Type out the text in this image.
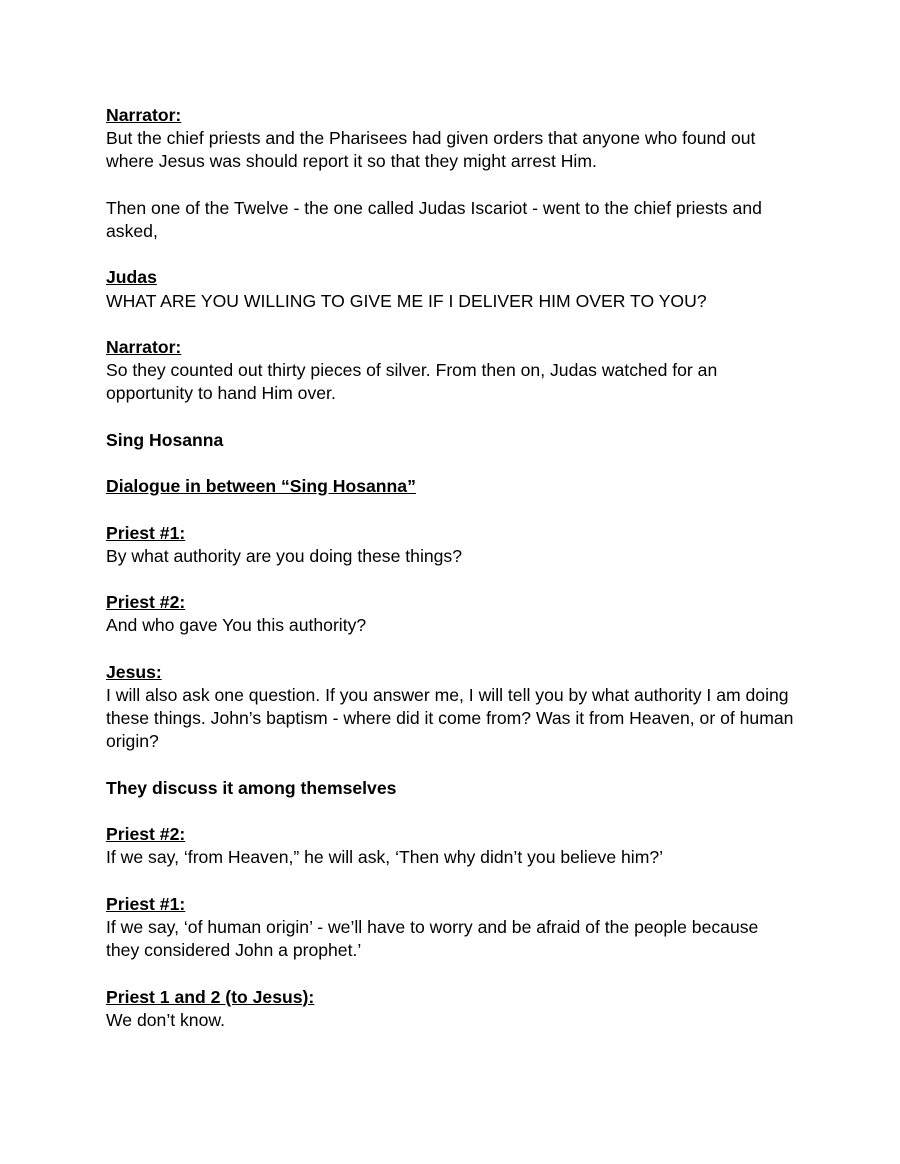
Narrator:
But the chief priests and the Pharisees had given orders that anyone who found out where Jesus was should report it so that they might arrest Him.
Then one of the Twelve - the one called Judas Iscariot - went to the chief priests and asked,
Judas
WHAT ARE YOU WILLING TO GIVE ME IF I DELIVER HIM OVER TO YOU?
Narrator:
So they counted out thirty pieces of silver. From then on, Judas watched for an opportunity to hand Him over.
Sing Hosanna
Dialogue in between “Sing Hosanna”
Priest #1:
By what authority are you doing these things?
Priest #2:
And who gave You this authority?
Jesus:
I will also ask one question. If you answer me, I will tell you by what authority I am doing these things. John’s baptism - where did it come from? Was it from Heaven, or of human origin?
They discuss it among themselves
Priest #2:
If we say, ‘from Heaven,” he will ask, ‘Then why didn’t you believe him?’
Priest #1:
If we say, ‘of human origin’ - we’ll have to worry and be afraid of the people because they considered John a prophet.’
Priest 1 and 2 (to Jesus):
We don’t know.
